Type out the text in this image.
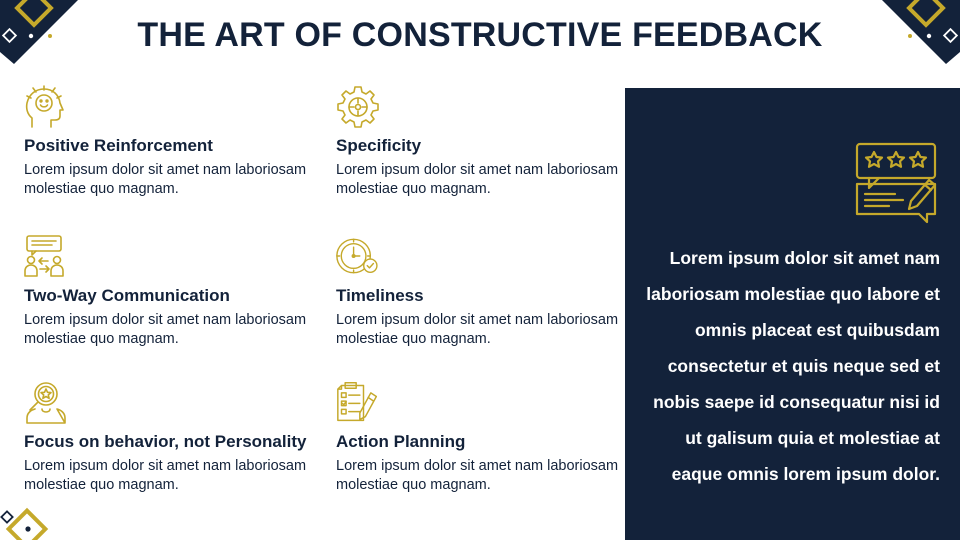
THE ART OF CONSTRUCTIVE FEEDBACK
Positive Reinforcement
Lorem ipsum dolor sit amet nam laboriosam molestiae quo magnam.
Specificity
Lorem ipsum dolor sit amet nam laboriosam molestiae quo magnam.
Two-Way Communication
Lorem ipsum dolor sit amet nam laboriosam molestiae quo magnam.
Timeliness
Lorem ipsum dolor sit amet nam laboriosam molestiae quo magnam.
Focus on behavior, not Personality
Lorem ipsum dolor sit amet nam laboriosam molestiae quo magnam.
Action Planning
Lorem ipsum dolor sit amet nam laboriosam molestiae quo magnam.
Lorem ipsum dolor sit amet nam laboriosam molestiae quo labore et omnis placeat est quibusdam consectetur et quis neque sed et nobis saepe id consequatur nisi id ut galisum quia et molestiae at eaque omnis lorem ipsum dolor.
